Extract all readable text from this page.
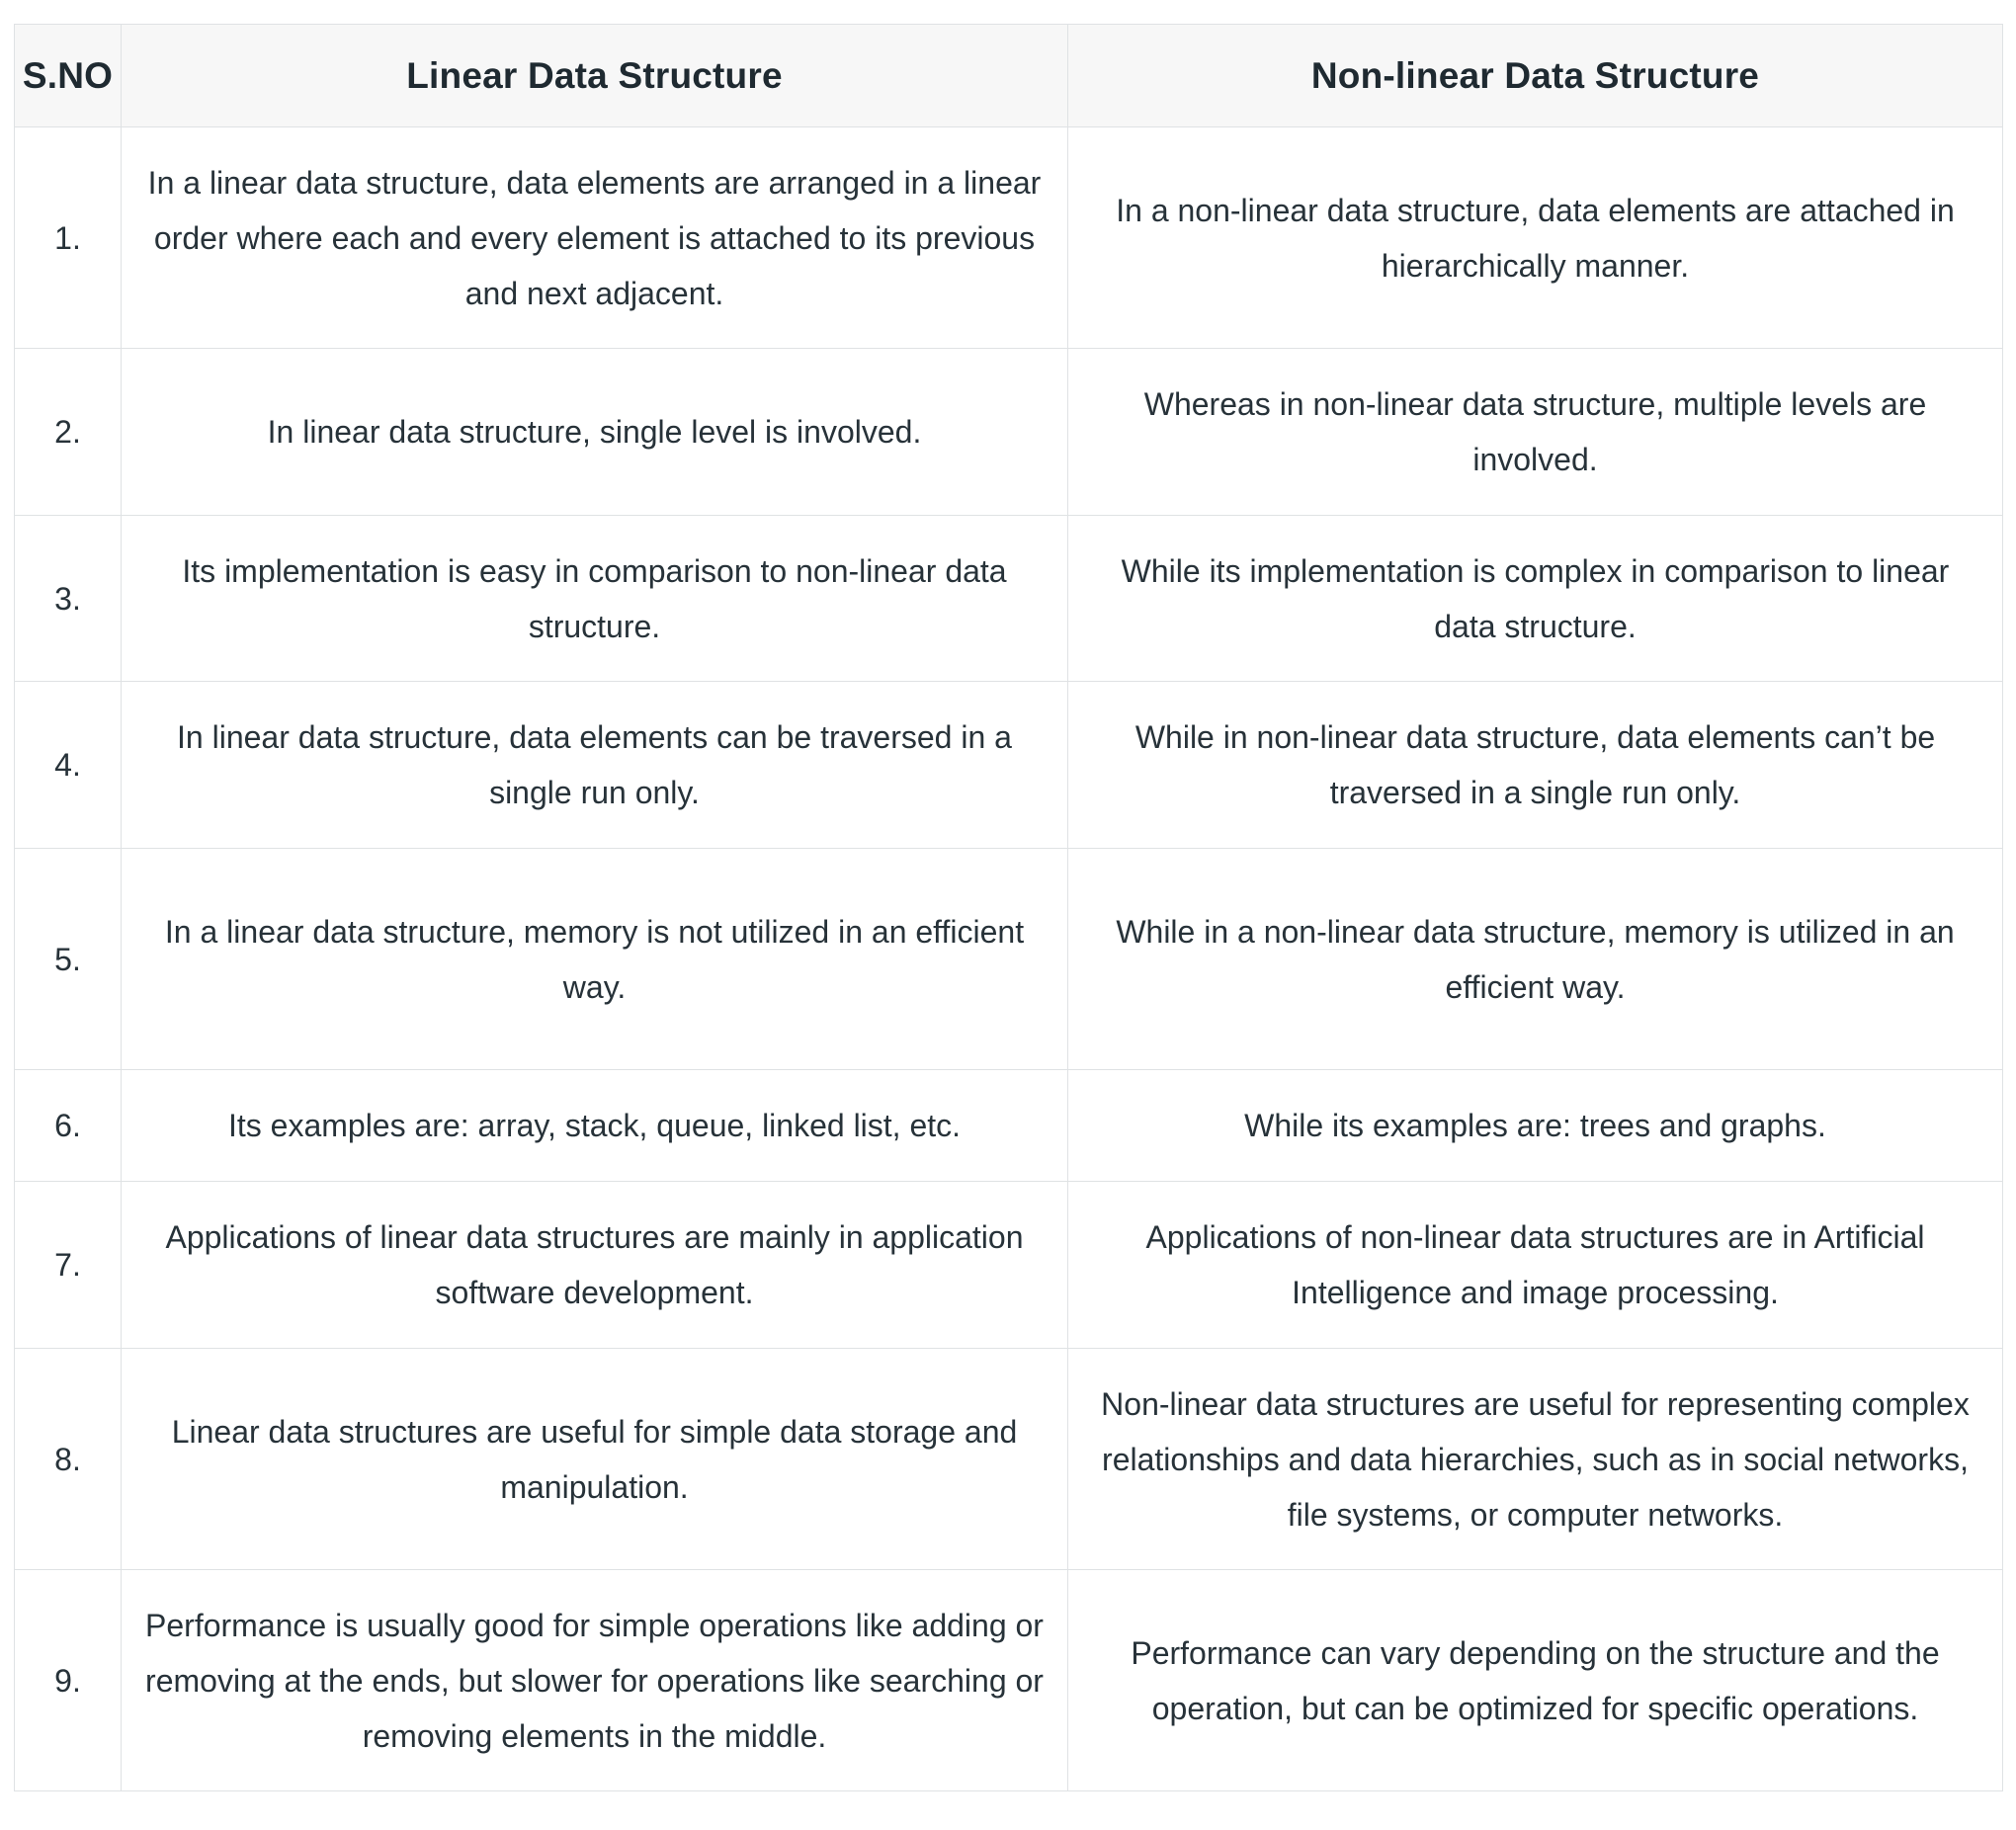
S.NO	Linear Data Structure	Non-linear Data Structure
1.	In a linear data structure, data elements are arranged in a linear order where each and every element is attached to its previous and next adjacent.	In a non-linear data structure, data elements are attached in hierarchically manner.
2.	In linear data structure, single level is involved.	Whereas in non-linear data structure, multiple levels are involved.
3.	Its implementation is easy in comparison to non-linear data structure.	While its implementation is complex in comparison to linear data structure.
4.	In linear data structure, data elements can be traversed in a single run only.	While in non-linear data structure, data elements can’t be traversed in a single run only.
5.	In a linear data structure, memory is not utilized in an efficient way.	While in a non-linear data structure, memory is utilized in an efficient way.
6.	Its examples are: array, stack, queue, linked list, etc.	While its examples are: trees and graphs.
7.	Applications of linear data structures are mainly in application software development.	Applications of non-linear data structures are in Artificial Intelligence and image processing.
8.	Linear data structures are useful for simple data storage and manipulation.	Non-linear data structures are useful for representing complex relationships and data hierarchies, such as in social networks, file systems, or computer networks.
9.	Performance is usually good for simple operations like adding or removing at the ends, but slower for operations like searching or removing elements in the middle.	Performance can vary depending on the structure and the operation, but can be optimized for specific operations.
